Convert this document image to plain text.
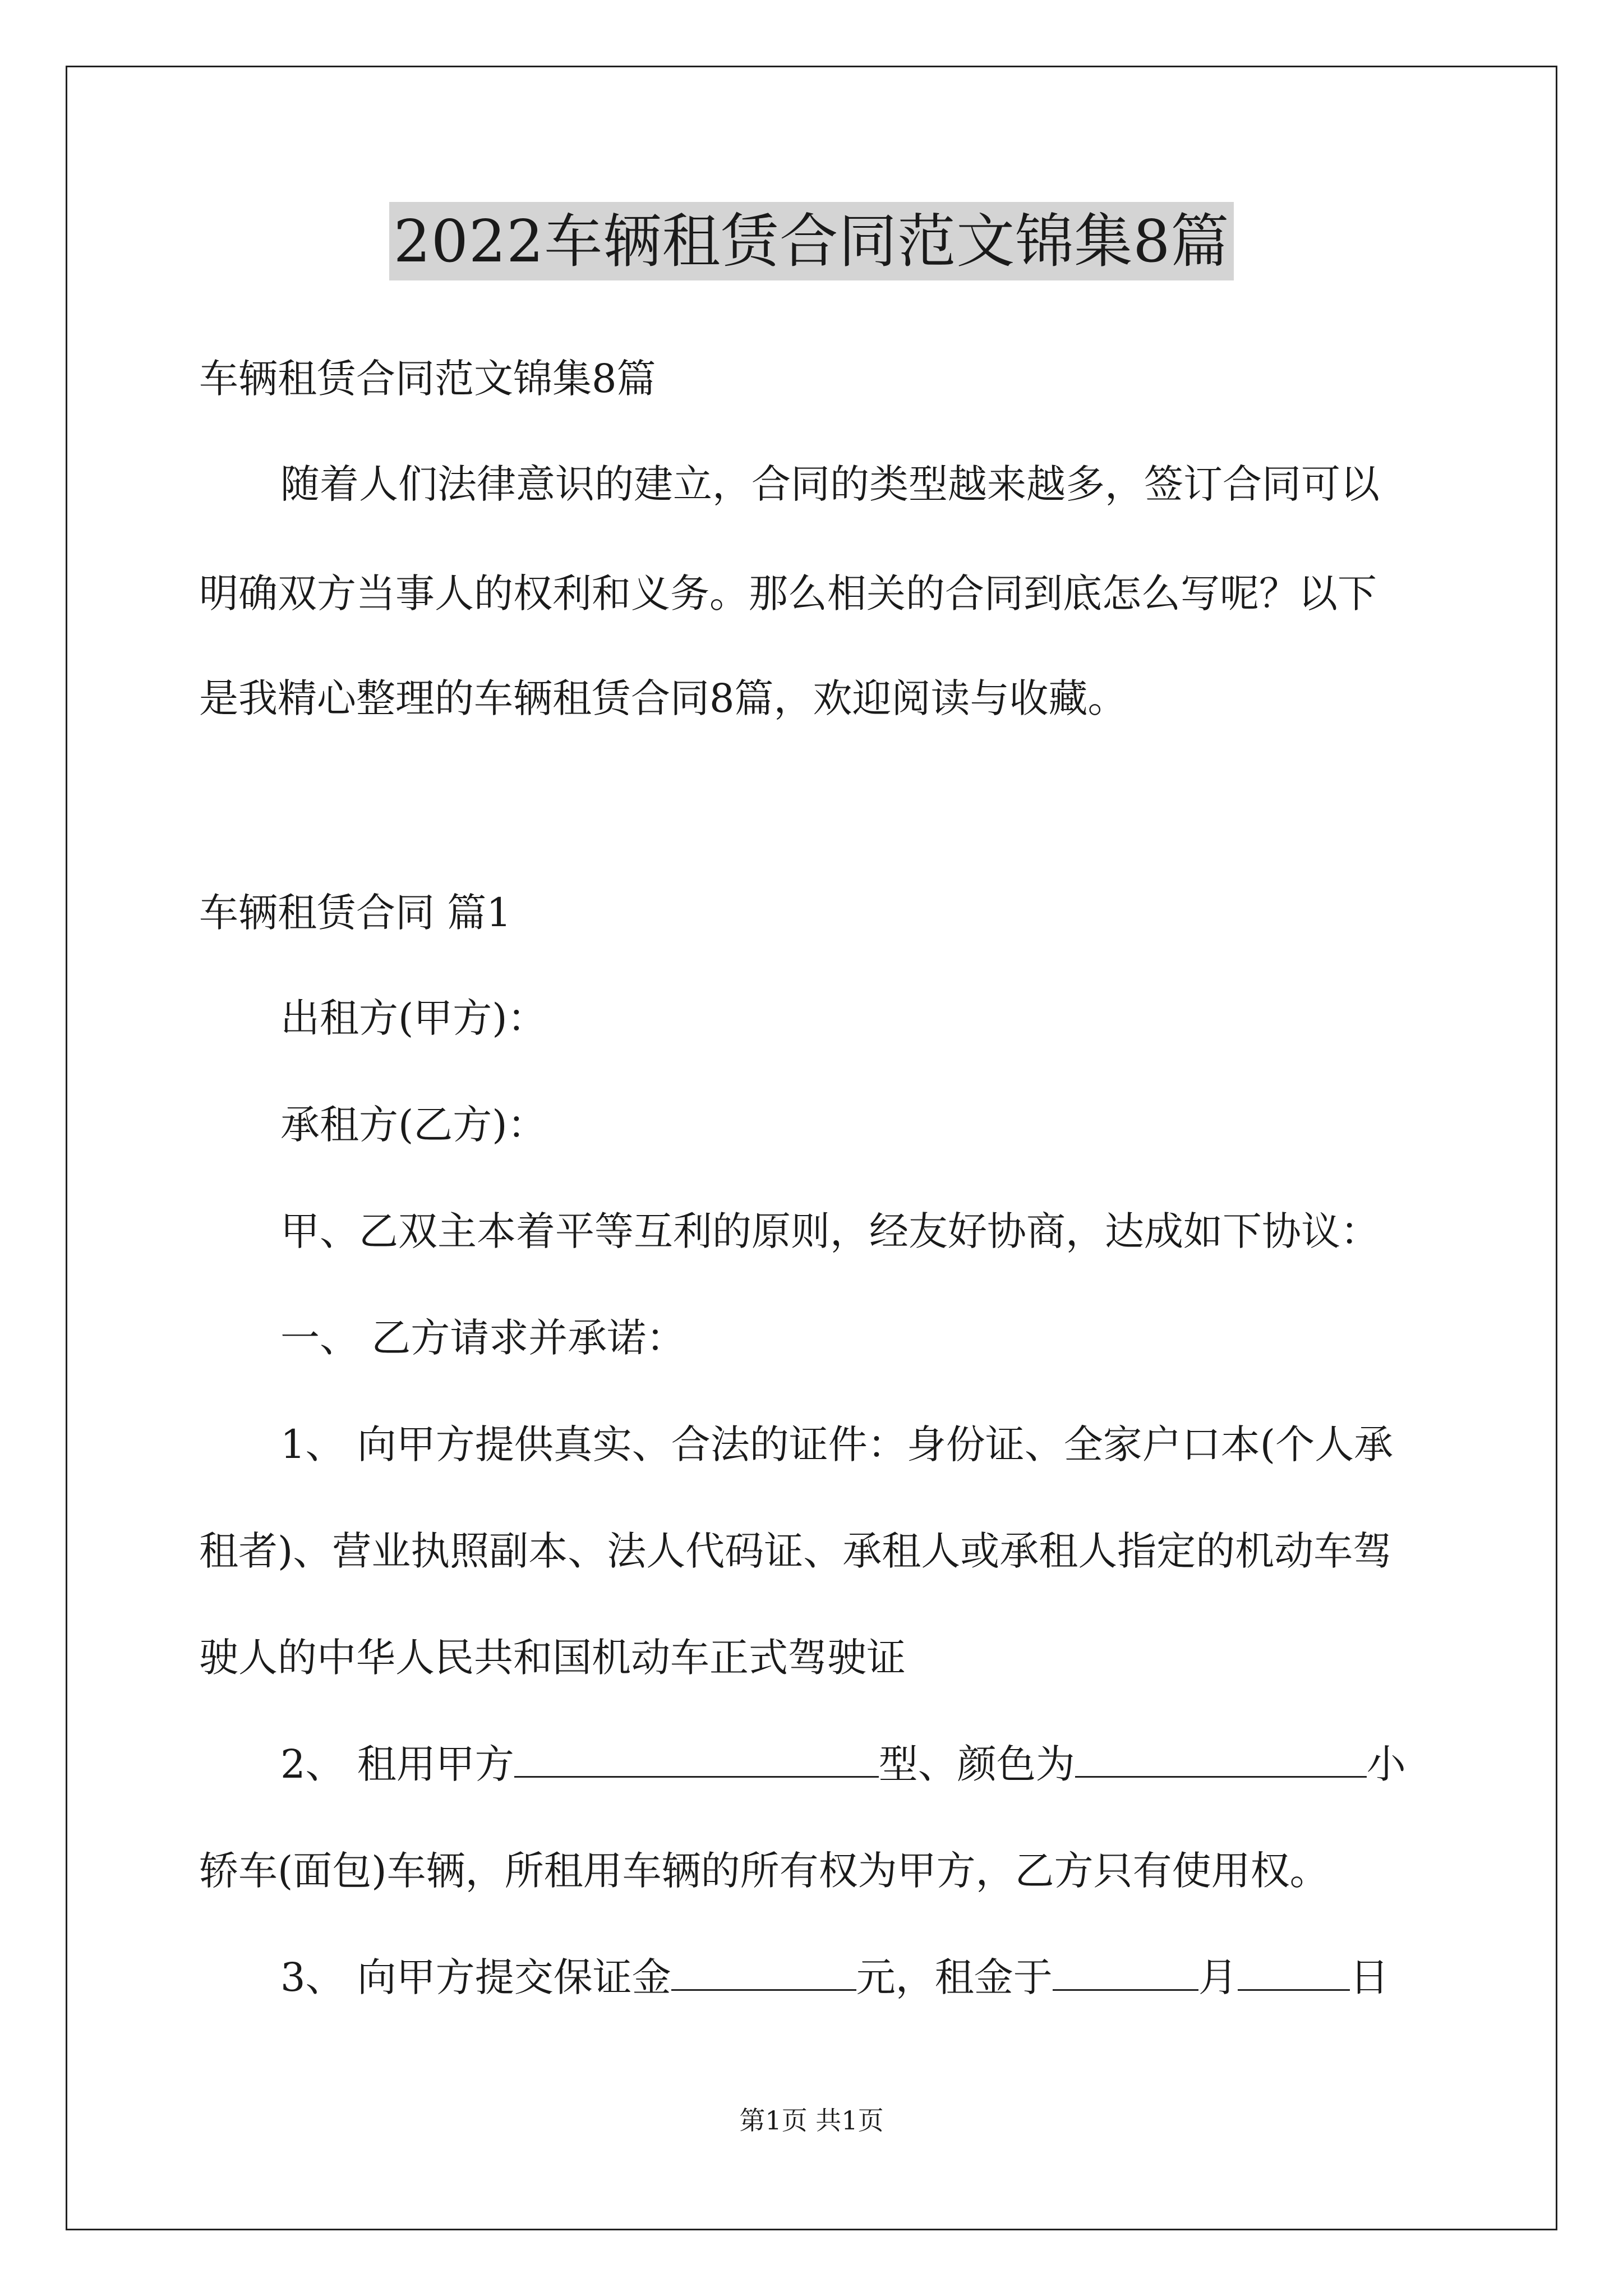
2022车辆租赁合同范文锦集8篇
车辆租赁合同范文锦集8篇
随着人们法律意识的建立，合同的类型越来越多，签订合同可以
明确双方当事人的权利和义务。那么相关的合同到底怎么写呢？以下
是我精心整理的车辆租赁合同8篇，欢迎阅读与收藏。
车辆租赁合同 篇1
出租方(甲方)：
承租方(乙方)：
甲、乙双主本着平等互利的原则，经友好协商，达成如下协议：
一、 乙方请求并承诺：
1、 向甲方提供真实、合法的证件：身份证、全家户口本(个人承
租者)、营业执照副本、法人代码证、承租人或承租人指定的机动车驾
驶人的中华人民共和国机动车正式驾驶证
2、 租用甲方	型、颜色为	小
轿车(面包)车辆，所租用车辆的所有权为甲方，乙方只有使用权。
3、 向甲方提交保证金	元，租金于	月	日
第1页 共1页
